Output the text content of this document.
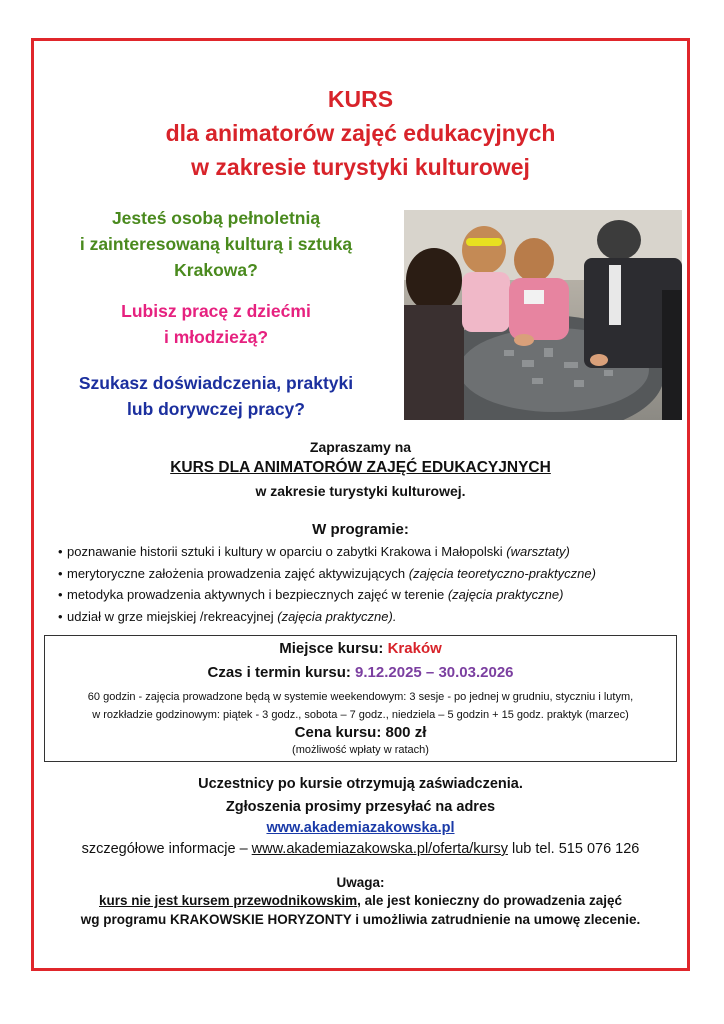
KURS
dla animatorów zajęć edukacyjnych
w zakresie turystyki kulturowej
Jesteś osobą pełnoletnią
i zainteresowaną kulturą i sztuką
Krakowa?
Lubisz pracę z dziećmi
i młodzieżą?
Szukasz doświadczenia, praktyki
lub dorywczej pracy?
Zapraszamy na
KURS DLA ANIMATORÓW ZAJĘĆ EDUKACYJNYCH
w zakresie turystyki kulturowej.
W programie:
• poznawanie historii sztuki i kultury w oparciu o zabytki Krakowa i Małopolski (warsztaty)
• merytoryczne założenia prowadzenia zajęć aktywizujących (zajęcia teoretyczno-praktyczne)
• metodyka prowadzenia aktywnych i bezpiecznych zajęć w terenie (zajęcia praktyczne)
• udział w grze miejskiej /rekreacyjnej (zajęcia praktyczne).
Miejsce kursu: Kraków
Czas i termin kursu: 9.12.2025 – 30.03.2026
60 godzin - zajęcia prowadzone będą w systemie weekendowym: 3 sesje - po jednej w grudniu, styczniu i lutym,
w rozkładzie godzinowym: piątek - 3 godz., sobota – 7 godz., niedziela – 5 godzin + 15 godz. praktyk (marzec)
Cena kursu: 800 zł
(możliwość wpłaty w ratach)
Uczestnicy po kursie otrzymują zaświadczenia.
Zgłoszenia prosimy przesyłać na adres
www.akademiazakowska.pl
szczegółowe informacje – www.akademiazakowska.pl/oferta/kursy lub tel. 515 076 126
Uwaga:
kurs nie jest kursem przewodnikowskim, ale jest konieczny do prowadzenia zajęć
wg programu KRAKOWSKIE HORYZONTY i umożliwia zatrudnienie na umowę zlecenie.
